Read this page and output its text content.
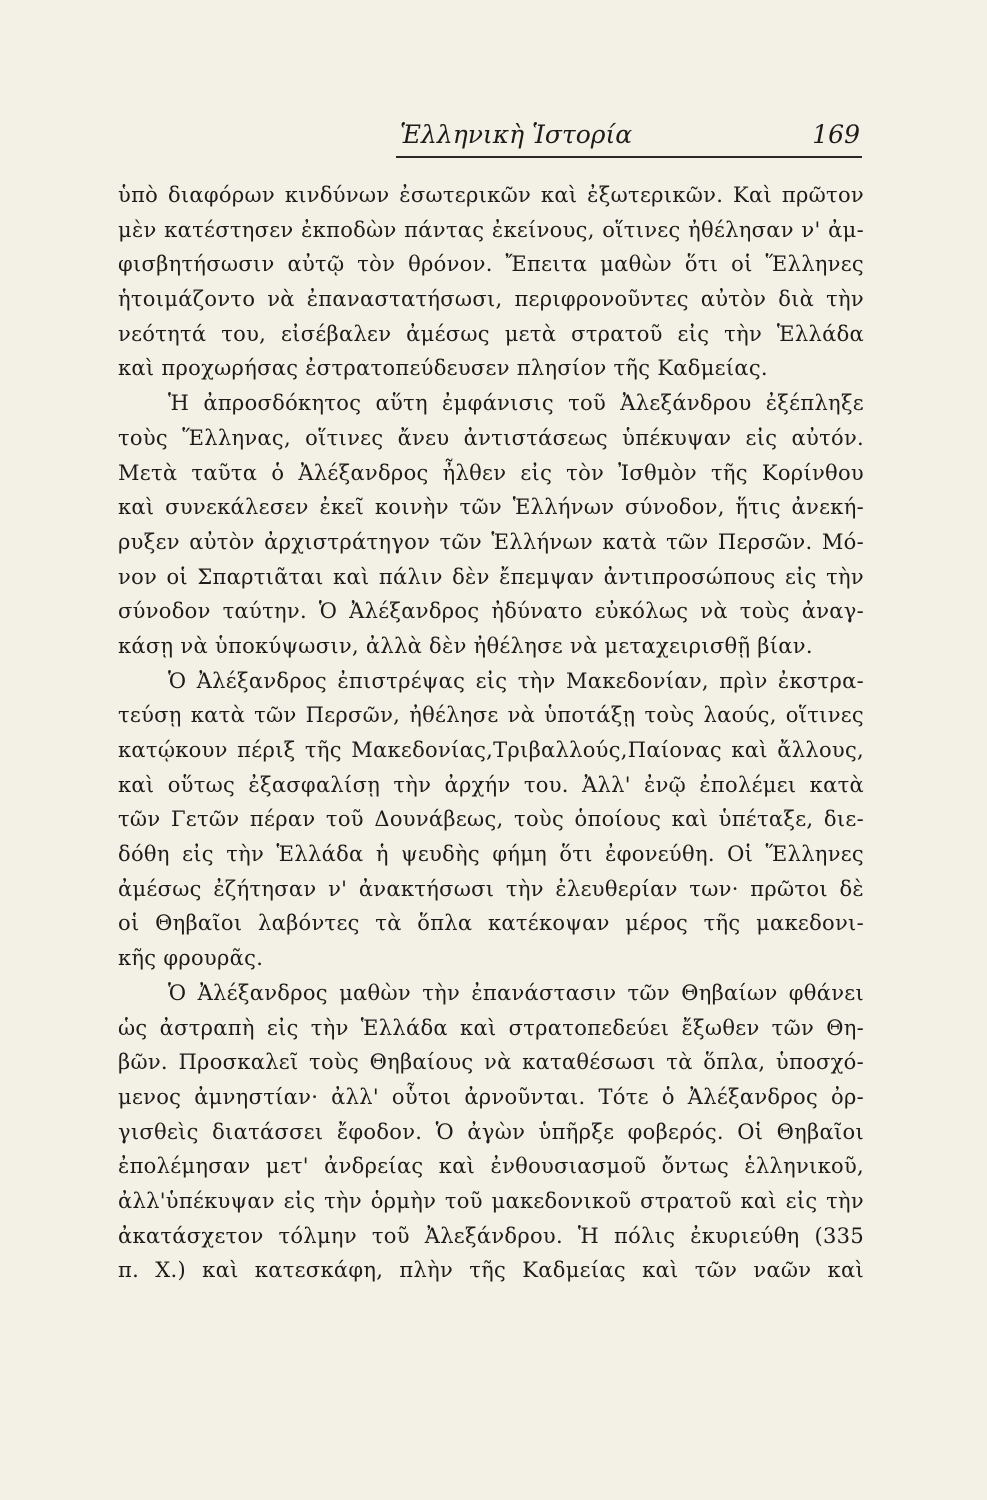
Ἑλληνικὴ Ἱστορία	169
ὑπὸ διαφόρων κινδύνων ἐσωτερικῶν καὶ ἐξωτερικῶν. Καὶ πρῶτον
μὲν κατέστησεν ἐκποδὼν πάντας ἐκείνους, οἵτινες ἠθέλησαν ν' ἀμ-
φισβητήσωσιν αὐτῷ τὸν θρόνον. Ἔπειτα μαθὼν ὅτι οἱ Ἕλληνες
ἡτοιμάζοντο νὰ ἐπαναστατήσωσι, περιφρονοῦντες αὐτὸν διὰ τὴν
νεότητά του, εἰσέβαλεν ἀμέσως μετὰ στρατοῦ εἰς τὴν Ἑλλάδα
καὶ προχωρήσας ἐστρατοπεύδευσεν πλησίον τῆς Καδμείας.
Ἡ ἀπροσδόκητος αὕτη ἐμφάνισις τοῦ Ἀλεξάνδρου ἐξέπληξε
τοὺς Ἕλληνας, οἵτινες ἄνευ ἀντιστάσεως ὑπέκυψαν εἰς αὐτόν.
Μετὰ ταῦτα ὁ Ἀλέξανδρος ἦλθεν εἰς τὸν Ἰσθμὸν τῆς Κορίνθου
καὶ συνεκάλεσεν ἐκεῖ κοινὴν τῶν Ἑλλήνων σύνοδον, ἥτις ἀνεκή-
ρυξεν αὐτὸν ἀρχιστράτηγον τῶν Ἑλλήνων κατὰ τῶν Περσῶν. Μό-
νον οἱ Σπαρτιᾶται καὶ πάλιν δὲν ἔπεμψαν ἀντιπροσώπους εἰς τὴν
σύνοδον ταύτην. Ὁ Ἀλέξανδρος ἠδύνατο εὐκόλως νὰ τοὺς ἀναγ-
κάσῃ νὰ ὑποκύψωσιν, ἀλλὰ δὲν ἠθέλησε νὰ μεταχειρισθῇ βίαν.
Ὁ Ἀλέξανδρος ἐπιστρέψας εἰς τὴν Μακεδονίαν, πρὶν ἐκστρα-
τεύσῃ κατὰ τῶν Περσῶν, ἠθέλησε νὰ ὑποτάξῃ τοὺς λαούς, οἵτινες
κατῴκουν πέριξ τῆς Μακεδονίας,Τριβαλλούς,Παίονας καὶ ἄλλους,
καὶ οὕτως ἐξασφαλίσῃ τὴν ἀρχήν του. Ἀλλ' ἐνῷ ἐπολέμει κατὰ
τῶν Γετῶν πέραν τοῦ Δουνάβεως, τοὺς ὁποίους καὶ ὑπέταξε, διε-
δόθη εἰς τὴν Ἑλλάδα ἡ ψευδὴς φήμη ὅτι ἐφονεύθη. Οἱ Ἕλληνες
ἀμέσως ἐζήτησαν ν' ἀνακτήσωσι τὴν ἐλευθερίαν των· πρῶτοι δὲ
οἱ Θηβαῖοι λαβόντες τὰ ὅπλα κατέκοψαν μέρος τῆς μακεδονι-
κῆς φρουρᾶς.
Ὁ Ἀλέξανδρος μαθὼν τὴν ἐπανάστασιν τῶν Θηβαίων φθάνει
ὡς ἀστραπὴ εἰς τὴν Ἑλλάδα καὶ στρατοπεδεύει ἔξωθεν τῶν Θη-
βῶν. Προσκαλεῖ τοὺς Θηβαίους νὰ καταθέσωσι τὰ ὅπλα, ὑποσχό-
μενος ἀμνηστίαν· ἀλλ' οὗτοι ἀρνοῦνται. Τότε ὁ Ἀλέξανδρος ὀρ-
γισθεὶς διατάσσει ἔφοδον. Ὁ ἀγὼν ὑπῆρξε φοβερός. Οἱ Θηβαῖοι
ἐπολέμησαν μετ' ἀνδρείας καὶ ἐνθουσιασμοῦ ὄντως ἑλληνικοῦ,
ἀλλ'ὑπέκυψαν εἰς τὴν ὁρμὴν τοῦ μακεδονικοῦ στρατοῦ καὶ εἰς τὴν
ἀκατάσχετον τόλμην τοῦ Ἀλεξάνδρου. Ἡ πόλις ἐκυριεύθη (335
π. Χ.) καὶ κατεσκάφη, πλὴν τῆς Καδμείας καὶ τῶν ναῶν καὶ
